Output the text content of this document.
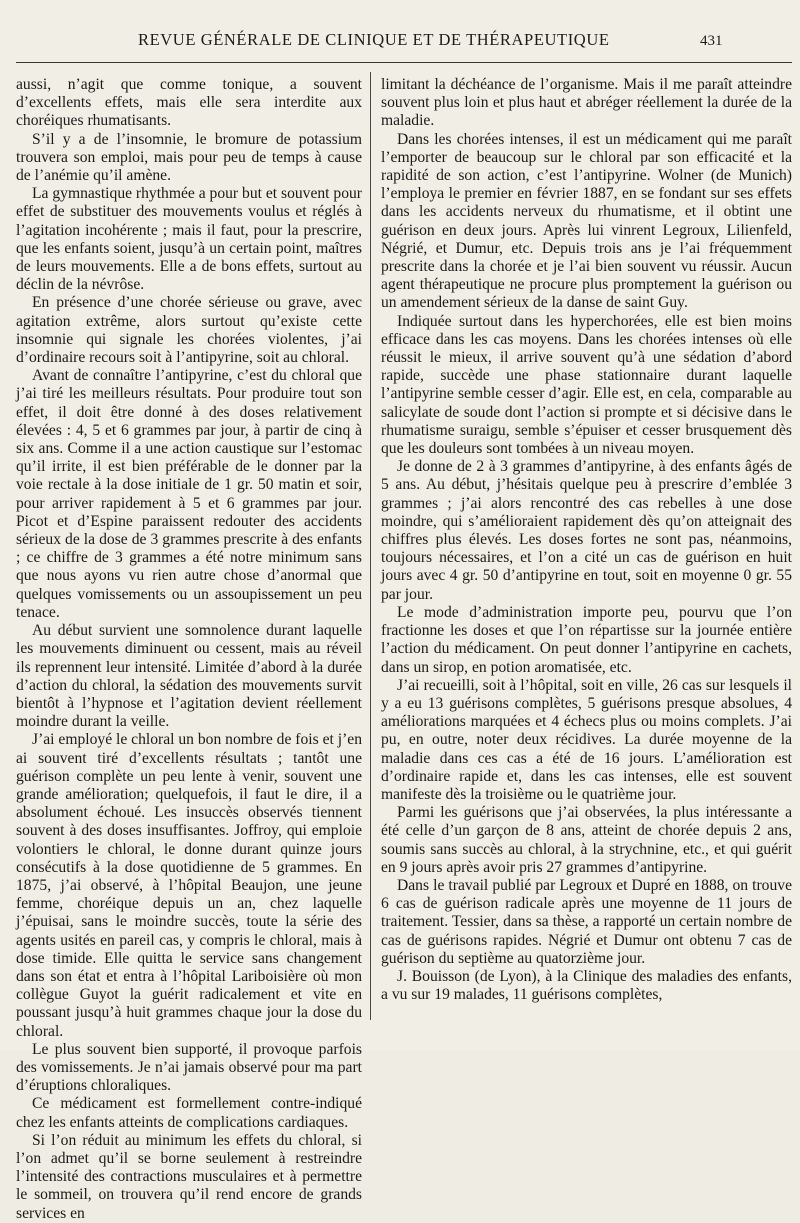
REVUE GÉNÉRALE DE CLINIQUE ET DE THÉRAPEUTIQUE	431

aussi, n’agit que comme tonique, a souvent d’excellents effets, mais elle sera interdite aux choréiques rhumatisants.

S’il y a de l’insomnie, le bromure de potassium trouvera son emploi, mais pour peu de temps à cause de l’anémie qu’il amène.

La gymnastique rhythmée a pour but et souvent pour effet de substituer des mouvements voulus et réglés à l’agitation incohérente ; mais il faut, pour la prescrire, que les enfants soient, jusqu’à un certain point, maîtres de leurs mouvements. Elle a de bons effets, surtout au déclin de la névrôse.

En présence d’une chorée sérieuse ou grave, avec agitation extrême, alors surtout qu’existe cette insomnie qui signale les chorées violentes, j’ai d’ordinaire recours soit à l’antipyrine, soit au chloral.

Avant de connaître l’antipyrine, c’est du chloral que j’ai tiré les meilleurs résultats. Pour produire tout son effet, il doit être donné à des doses relativement élevées : 4, 5 et 6 grammes par jour, à partir de cinq à six ans. Comme il a une action caustique sur l’estomac qu’il irrite, il est bien préférable de le donner par la voie rectale à la dose initiale de 1 gr. 50 matin et soir, pour arriver rapidement à 5 et 6 grammes par jour. Picot et d’Espine paraissent redouter des accidents sérieux de la dose de 3 grammes prescrite à des enfants ; ce chiffre de 3 grammes a été notre minimum sans que nous ayons vu rien autre chose d’anormal que quelques vomissements ou un assoupissement un peu tenace.

Au début survient une somnolence durant laquelle les mouvements diminuent ou cessent, mais au réveil ils reprennent leur intensité. Limitée d’abord à la durée d’action du chloral, la sédation des mouvements survit bientôt à l’hypnose et l’agitation devient réellement moindre durant la veille.

J’ai employé le chloral un bon nombre de fois et j’en ai souvent tiré d’excellents résultats ; tantôt une guérison complète un peu lente à venir, souvent une grande amélioration; quelquefois, il faut le dire, il a absolument échoué. Les insuccès observés tiennent souvent à des doses insuffisantes. Joffroy, qui emploie volontiers le chloral, le donne durant quinze jours consécutifs à la dose quotidienne de 5 grammes. En 1875, j’ai observé, à l’hôpital Beaujon, une jeune femme, choréique depuis un an, chez laquelle j’épuisai, sans le moindre succès, toute la série des agents usités en pareil cas, y compris le chloral, mais à dose timide. Elle quitta le service sans changement dans son état et entra à l’hôpital Lariboisière où mon collègue Guyot la guérit radicalement et vite en poussant jusqu’à huit grammes chaque jour la dose du chloral.

Le plus souvent bien supporté, il provoque parfois des vomissements. Je n’ai jamais observé pour ma part d’éruptions chloraliques.

Ce médicament est formellement contre-indiqué chez les enfants atteints de complications cardiaques.

Si l’on réduit au minimum les effets du chloral, si l’on admet qu’il se borne seulement à restreindre l’intensité des contractions musculaires et à permettre le sommeil, on trouvera qu’il rend encore de grands services en

limitant la déchéance de l’organisme. Mais il me paraît atteindre souvent plus loin et plus haut et abréger réellement la durée de la maladie.

Dans les chorées intenses, il est un médicament qui me paraît l’emporter de beaucoup sur le chloral par son efficacité et la rapidité de son action, c’est l’antipyrine. Wolner (de Munich) l’employa le premier en février 1887, en se fondant sur ses effets dans les accidents nerveux du rhumatisme, et il obtint une guérison en deux jours. Après lui vinrent Legroux, Lilienfeld, Négrié, et Dumur, etc. Depuis trois ans je l’ai fréquemment prescrite dans la chorée et je l’ai bien souvent vu réussir. Aucun agent thérapeutique ne procure plus promptement la guérison ou un amendement sérieux de la danse de saint Guy.

Indiquée surtout dans les hyperchorées, elle est bien moins efficace dans les cas moyens. Dans les chorées intenses où elle réussit le mieux, il arrive souvent qu’à une sédation d’abord rapide, succède une phase stationnaire durant laquelle l’antipyrine semble cesser d’agir. Elle est, en cela, comparable au salicylate de soude dont l’action si prompte et si décisive dans le rhumatisme suraigu, semble s’épuiser et cesser brusquement dès que les douleurs sont tombées à un niveau moyen.

Je donne de 2 à 3 grammes d’antipyrine, à des enfants âgés de 5 ans. Au début, j’hésitais quelque peu à prescrire d’emblée 3 grammes ; j’ai alors rencontré des cas rebelles à une dose moindre, qui s’amélioraient rapidement dès qu’on atteignait des chiffres plus élevés. Les doses fortes ne sont pas, néanmoins, toujours nécessaires, et l’on a cité un cas de guérison en huit jours avec 4 gr. 50 d’antipyrine en tout, soit en moyenne 0 gr. 55 par jour.

Le mode d’administration importe peu, pourvu que l’on fractionne les doses et que l’on répartisse sur la journée entière l’action du médicament. On peut donner l’antipyrine en cachets, dans un sirop, en potion aromatisée, etc.

J’ai recueilli, soit à l’hôpital, soit en ville, 26 cas sur lesquels il y a eu 13 guérisons complètes, 5 guérisons presque absolues, 4 améliorations marquées et 4 échecs plus ou moins complets. J’ai pu, en outre, noter deux récidives. La durée moyenne de la maladie dans ces cas a été de 16 jours. L’amélioration est d’ordinaire rapide et, dans les cas intenses, elle est souvent manifeste dès la troisième ou le quatrième jour.

Parmi les guérisons que j’ai observées, la plus intéressante a été celle d’un garçon de 8 ans, atteint de chorée depuis 2 ans, soumis sans succès au chloral, à la strychnine, etc., et qui guérit en 9 jours après avoir pris 27 grammes d’antipyrine.

Dans le travail publié par Legroux et Dupré en 1888, on trouve 6 cas de guérison radicale après une moyenne de 11 jours de traitement. Tessier, dans sa thèse, a rapporté un certain nombre de cas de guérisons rapides. Négrié et Dumur ont obtenu 7 cas de guérison du septième au quatorzième jour.

J. Bouisson (de Lyon), à la Clinique des maladies des enfants, a vu sur 19 malades, 11 guérisons complètes,
